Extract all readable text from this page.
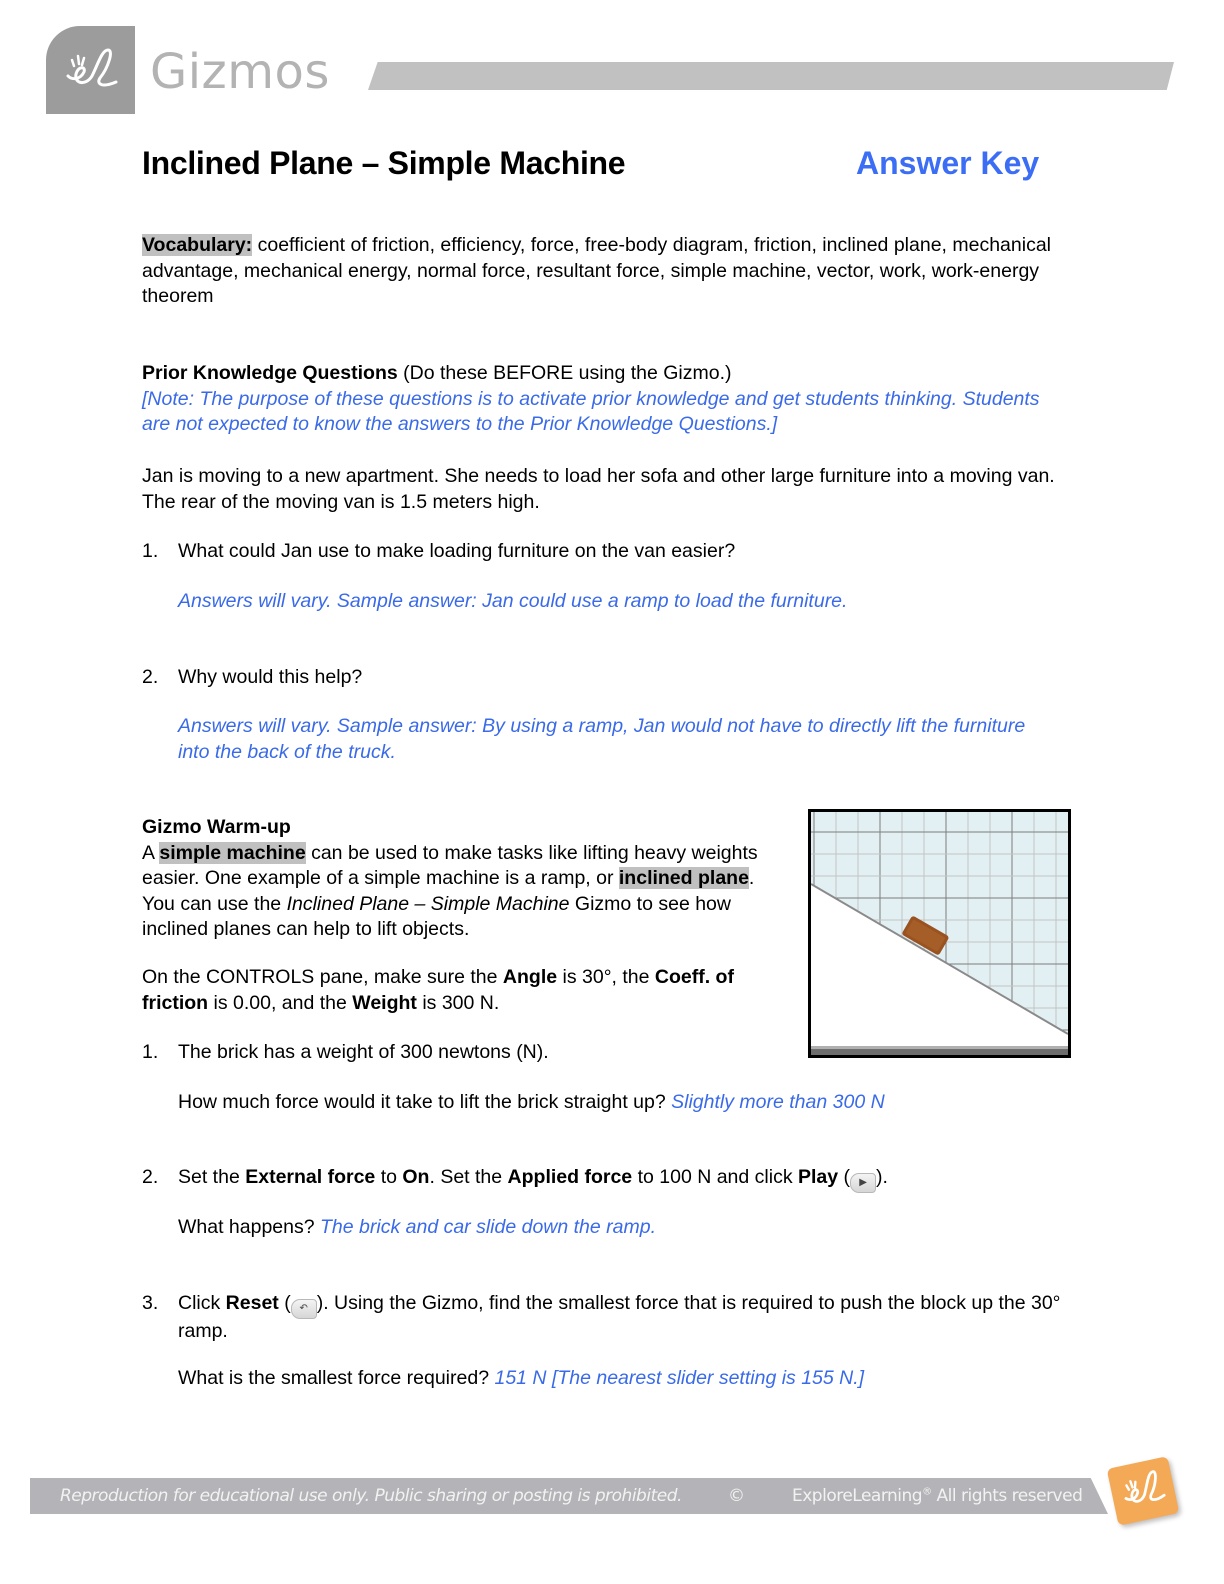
Gizmos
Inclined Plane – Simple Machine	Answer Key
Vocabulary: coefficient of friction, efficiency, force, free-body diagram, friction, inclined plane, mechanical advantage, mechanical energy, normal force, resultant force, simple machine, vector, work, work-energy theorem
Prior Knowledge Questions (Do these BEFORE using the Gizmo.)
[Note: The purpose of these questions is to activate prior knowledge and get students thinking. Students are not expected to know the answers to the Prior Knowledge Questions.]
Jan is moving to a new apartment. She needs to load her sofa and other large furniture into a moving van. The rear of the moving van is 1.5 meters high.
1. What could Jan use to make loading furniture on the van easier?
Answers will vary. Sample answer: Jan could use a ramp to load the furniture.
2. Why would this help?
Answers will vary. Sample answer: By using a ramp, Jan would not have to directly lift the furniture into the back of the truck.
Gizmo Warm-up
A simple machine can be used to make tasks like lifting heavy weights easier. One example of a simple machine is a ramp, or inclined plane. You can use the Inclined Plane – Simple Machine Gizmo to see how inclined planes can help to lift objects.
On the CONTROLS pane, make sure the Angle is 30°, the Coeff. of friction is 0.00, and the Weight is 300 N.
1. The brick has a weight of 300 newtons (N).
How much force would it take to lift the brick straight up? Slightly more than 300 N
2. Set the External force to On. Set the Applied force to 100 N and click Play ( ▶ ).
What happens? The brick and car slide down the ramp.
3. Click Reset ( ↶ ). Using the Gizmo, find the smallest force that is required to push the block up the 30° ramp.
What is the smallest force required? 151 N [The nearest slider setting is 155 N.]
Reproduction for educational use only. Public sharing or posting is prohibited.	©	ExploreLearning® All rights reserved
